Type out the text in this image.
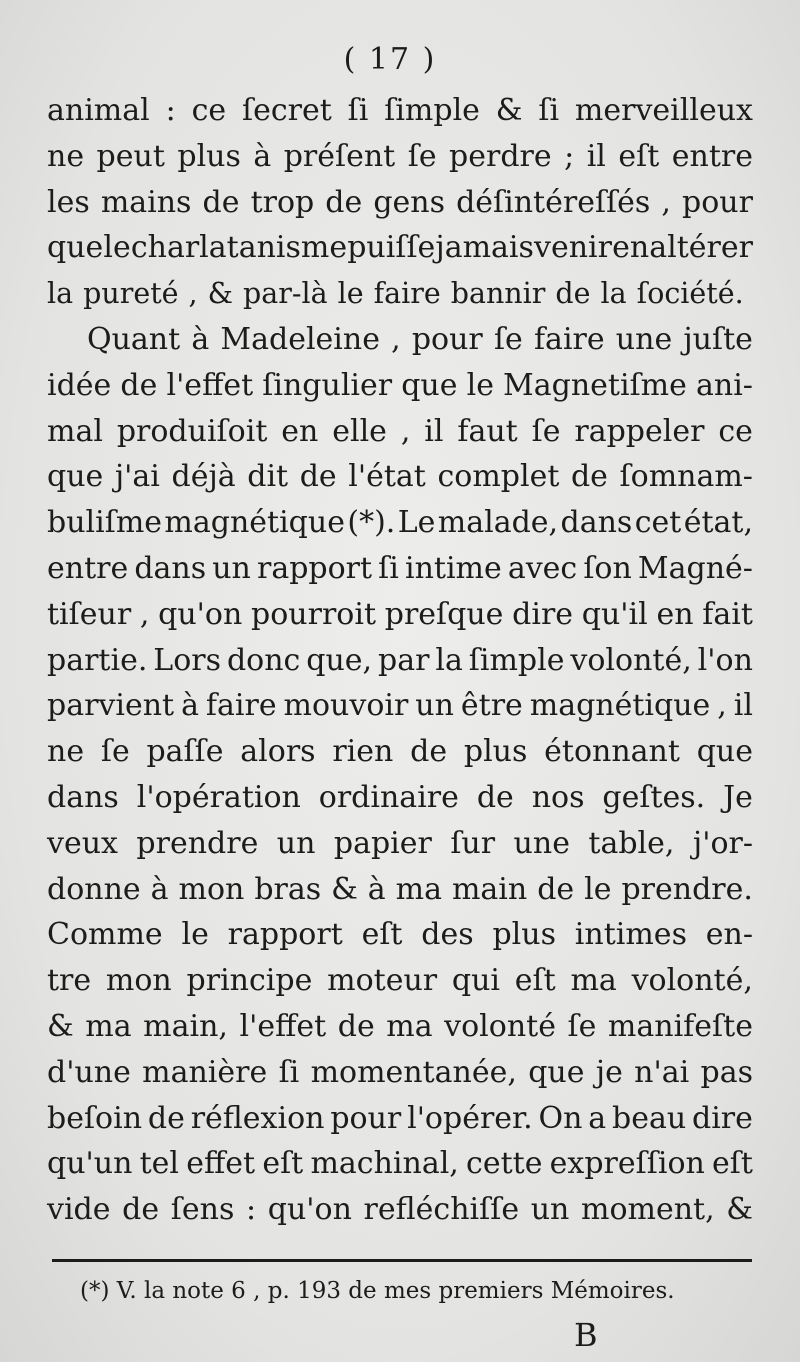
( 17 )
animal : ce ſecret ſi ſimple & ſi merveilleux
ne peut plus à préſent ſe perdre ; il eſt entre
les mains de trop de gens déſintéreſſés , pour
que le charlatanisme puiſſe jamais venir en altérer
la pureté , & par-là le faire bannir de la ſociété.
Quant à Madeleine , pour ſe faire une juſte
idée de l'effet ſingulier que le Magnetiſme ani-
mal produiſoit en elle , il faut ſe rappeler ce
que j'ai déjà dit de l'état complet de ſomnam-
buliſme magnétique (*). Le malade, dans cet état,
entre dans un rapport ſi intime avec ſon Magné-
tiſeur , qu'on pourroit preſque dire qu'il en fait
partie. Lors donc que, par la ſimple volonté, l'on
parvient à faire mouvoir un être magnétique , il
ne ſe paſſe alors rien de plus étonnant que
dans l'opération ordinaire de nos geſtes. Je
veux prendre un papier ſur une table, j'or-
donne à mon bras & à ma main de le prendre.
Comme le rapport eſt des plus intimes en-
tre mon principe moteur qui eſt ma volonté,
& ma main, l'effet de ma volonté ſe manifeſte
d'une manière ſi momentanée, que je n'ai pas
beſoin de réflexion pour l'opérer. On a beau dire
qu'un tel effet eſt machinal, cette expreſſion eſt
vide de ſens : qu'on refléchiſſe un moment, &
(*) V. la note 6 , p. 193 de mes premiers Mémoires.
B
